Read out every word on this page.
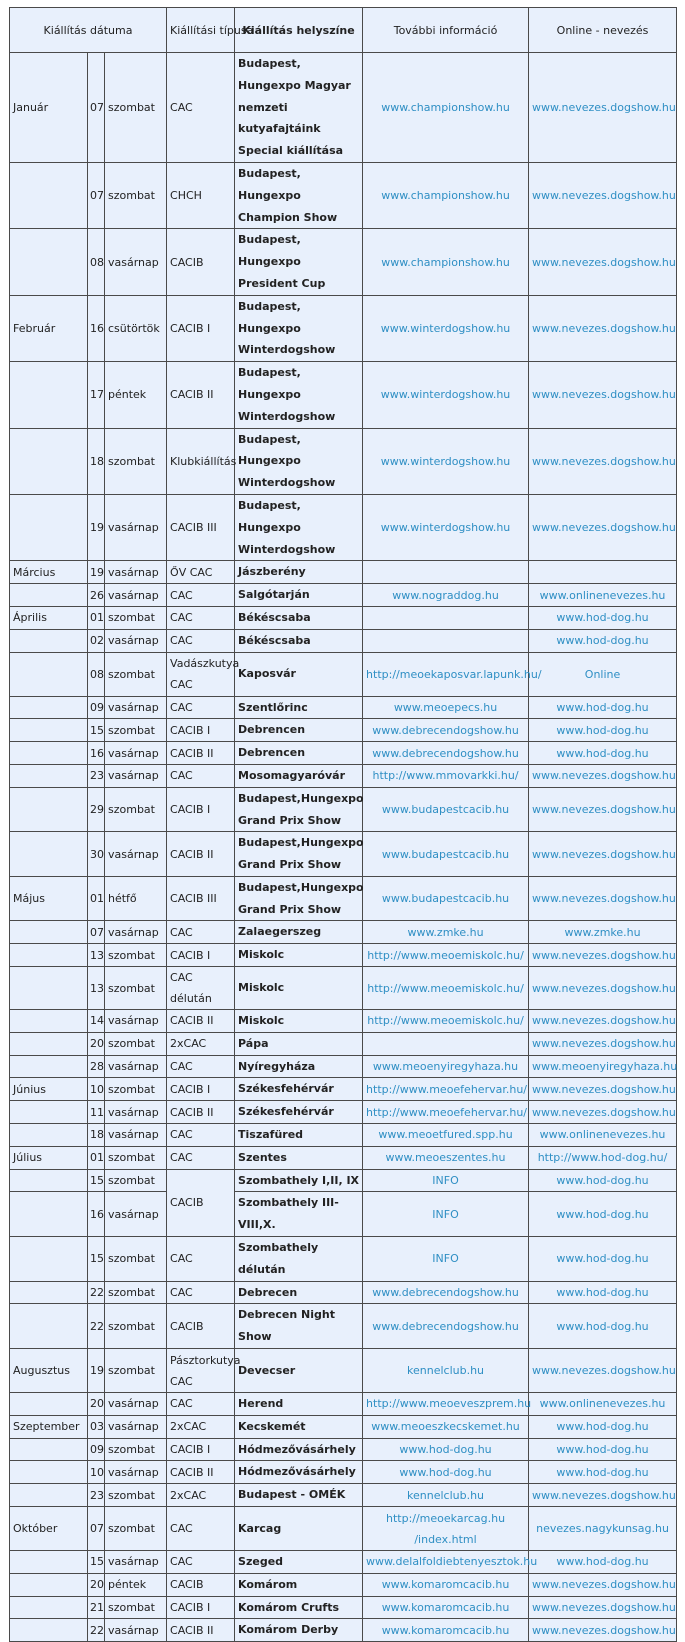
Kiállítás dátuma			Kiállítási típusa	Kiállítás helyszíne	További információ	Online - nevezés
Január	07	szombat	CAC	Budapest, Hungexpo Magyar nemzeti kutyafajtáink Special kiállítása	www.championshow.hu	www.nevezes.dogshow.hu
	07	szombat	CHCH	Budapest, Hungexpo Champion Show	www.championshow.hu	www.nevezes.dogshow.hu
	08	vasárnap	CACIB	Budapest, Hungexpo President Cup	www.championshow.hu	www.nevezes.dogshow.hu
Február	16	csütörtök	CACIB I	Budapest, Hungexpo Winterdogshow	www.winterdogshow.hu	www.nevezes.dogshow.hu
	17	péntek	CACIB II	Budapest, Hungexpo Winterdogshow	www.winterdogshow.hu	www.nevezes.dogshow.hu
	18	szombat	Klubkiállítás	Budapest, Hungexpo Winterdogshow	www.winterdogshow.hu	www.nevezes.dogshow.hu
	19	vasárnap	CACIB III	Budapest, Hungexpo Winterdogshow	www.winterdogshow.hu	www.nevezes.dogshow.hu
Március	19	vasárnap	ŐV CAC	Jászberény		
	26	vasárnap	CAC	Salgótarján	www.nograddog.hu	www.onlinenevezes.hu
Április	01	szombat	CAC	Békéscsaba		www.hod-dog.hu
	02	vasárnap	CAC	Békéscsaba		www.hod-dog.hu
	08	szombat	Vadászkutya CAC	Kaposvár	http://meoekaposvar.lapunk.hu/	Online
	09	vasárnap	CAC	Szentlőrinc	www.meoepecs.hu	www.hod-dog.hu
	15	szombat	CACIB I	Debrencen	www.debrecendogshow.hu	www.hod-dog.hu
	16	vasárnap	CACIB II	Debrencen	www.debrecendogshow.hu	www.hod-dog.hu
	23	vasárnap	CAC	Mosomagyaróvár	http://www.mmovarkki.hu/	www.nevezes.dogshow.hu
	29	szombat	CACIB I	Budapest,Hungexpo Grand Prix Show	www.budapestcacib.hu	www.nevezes.dogshow.hu
	30	vasárnap	CACIB II	Budapest,Hungexpo Grand Prix Show	www.budapestcacib.hu	www.nevezes.dogshow.hu
Május	01	hétfő	CACIB III	Budapest,Hungexpo Grand Prix Show	www.budapestcacib.hu	www.nevezes.dogshow.hu
	07	vasárnap	CAC	Zalaegerszeg	www.zmke.hu	www.zmke.hu
	13	szombat	CACIB I	Miskolc	http://www.meoemiskolc.hu/	www.nevezes.dogshow.hu
	13	szombat	CAC délután	Miskolc	http://www.meoemiskolc.hu/	www.nevezes.dogshow.hu
	14	vasárnap	CACIB II	Miskolc	http://www.meoemiskolc.hu/	www.nevezes.dogshow.hu
	20	szombat	2xCAC	Pápa		www.nevezes.dogshow.hu
	28	vasárnap	CAC	Nyíregyháza	www.meoenyiregyhaza.hu	www.meoenyiregyhaza.hu
Június	10	szombat	CACIB I	Székesfehérvár	http://www.meoefehervar.hu/	www.nevezes.dogshow.hu
	11	vasárnap	CACIB II	Székesfehérvár	http://www.meoefehervar.hu/	www.nevezes.dogshow.hu
	18	vasárnap	CAC	Tiszafüred	www.meoetfured.spp.hu	www.onlinenevezes.hu
Július	01	szombat	CAC	Szentes	www.meoeszentes.hu	http://www.hod-dog.hu/
	15	szombat	CACIB	Szombathely I,II, IX	INFO	www.hod-dog.hu
	16	vasárnap		Szombathely III-VIII,X.	INFO	www.hod-dog.hu
	15	szombat	CAC	Szombathely délután	INFO	www.hod-dog.hu
	22	szombat	CAC	Debrecen	www.debrecendogshow.hu	www.hod-dog.hu
	22	szombat	CACIB	Debrecen Night Show	www.debrecendogshow.hu	www.hod-dog.hu
Augusztus	19	szombat	Pásztorkutya CAC	Devecser	kennelclub.hu	www.nevezes.dogshow.hu
	20	vasárnap	CAC	Herend	http://www.meoeveszprem.hu	www.onlinenevezes.hu
Szeptember	03	vasárnap	2xCAC	Kecskemét	www.meoeszkecskemet.hu	www.hod-dog.hu
	09	szombat	CACIB I	Hódmezővásárhely	www.hod-dog.hu	www.hod-dog.hu
	10	vasárnap	CACIB II	Hódmezővásárhely	www.hod-dog.hu	www.hod-dog.hu
	23	szombat	2xCAC	Budapest - OMÉK	kennelclub.hu	www.nevezes.dogshow.hu
Október	07	szombat	CAC	Karcag	http://meoekarcag.hu /index.html	nevezes.nagykunsag.hu
	15	vasárnap	CAC	Szeged	www.delalfoldiebtenyesztok.hu	www.hod-dog.hu
	20	péntek	CACIB	Komárom	www.komaromcacib.hu	www.nevezes.dogshow.hu
	21	szombat	CACIB I	Komárom Crufts	www.komaromcacib.hu	www.nevezes.dogshow.hu
	22	vasárnap	CACIB II	Komárom Derby	www.komaromcacib.hu	www.nevezes.dogshow.hu
